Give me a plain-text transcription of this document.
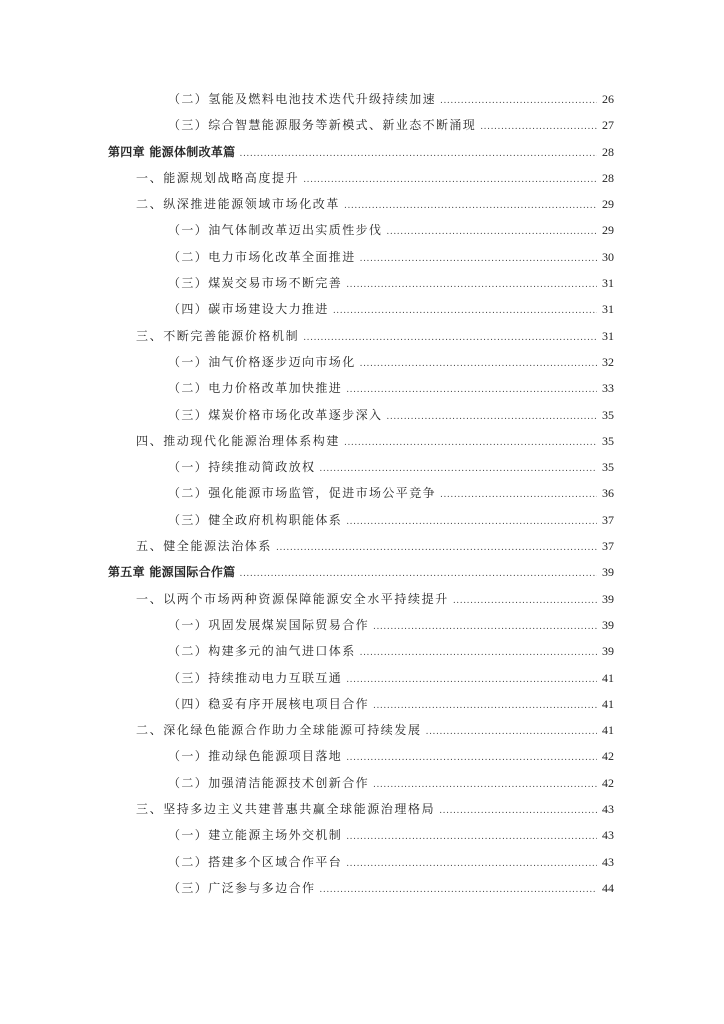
（二）氢能及燃料电池技术迭代升级持续加速 .....	26
（三）综合智慧能源服务等新模式、新业态不断涌现 .....	27
第四章 能源体制改革篇 .....	28
一、能源规划战略高度提升 .....	28
二、纵深推进能源领域市场化改革 .....	29
（一）油气体制改革迈出实质性步伐 .....	29
（二）电力市场化改革全面推进 .....	30
（三）煤炭交易市场不断完善 .....	31
（四）碳市场建设大力推进 .....	31
三、不断完善能源价格机制 .....	31
（一）油气价格逐步迈向市场化 .....	32
（二）电力价格改革加快推进 .....	33
（三）煤炭价格市场化改革逐步深入 .....	35
四、推动现代化能源治理体系构建 .....	35
（一）持续推动简政放权 .....	35
（二）强化能源市场监管，促进市场公平竞争 .....	36
（三）健全政府机构职能体系 .....	37
五、健全能源法治体系 .....	37
第五章 能源国际合作篇 .....	39
一、以两个市场两种资源保障能源安全水平持续提升 .....	39
（一）巩固发展煤炭国际贸易合作 .....	39
（二）构建多元的油气进口体系 .....	39
（三）持续推动电力互联互通 .....	41
（四）稳妥有序开展核电项目合作 .....	41
二、深化绿色能源合作助力全球能源可持续发展 .....	41
（一）推动绿色能源项目落地 .....	42
（二）加强清洁能源技术创新合作 .....	42
三、坚持多边主义共建普惠共赢全球能源治理格局 .....	43
（一）建立能源主场外交机制 .....	43
（二）搭建多个区域合作平台 .....	43
（三）广泛参与多边合作 .....	44
